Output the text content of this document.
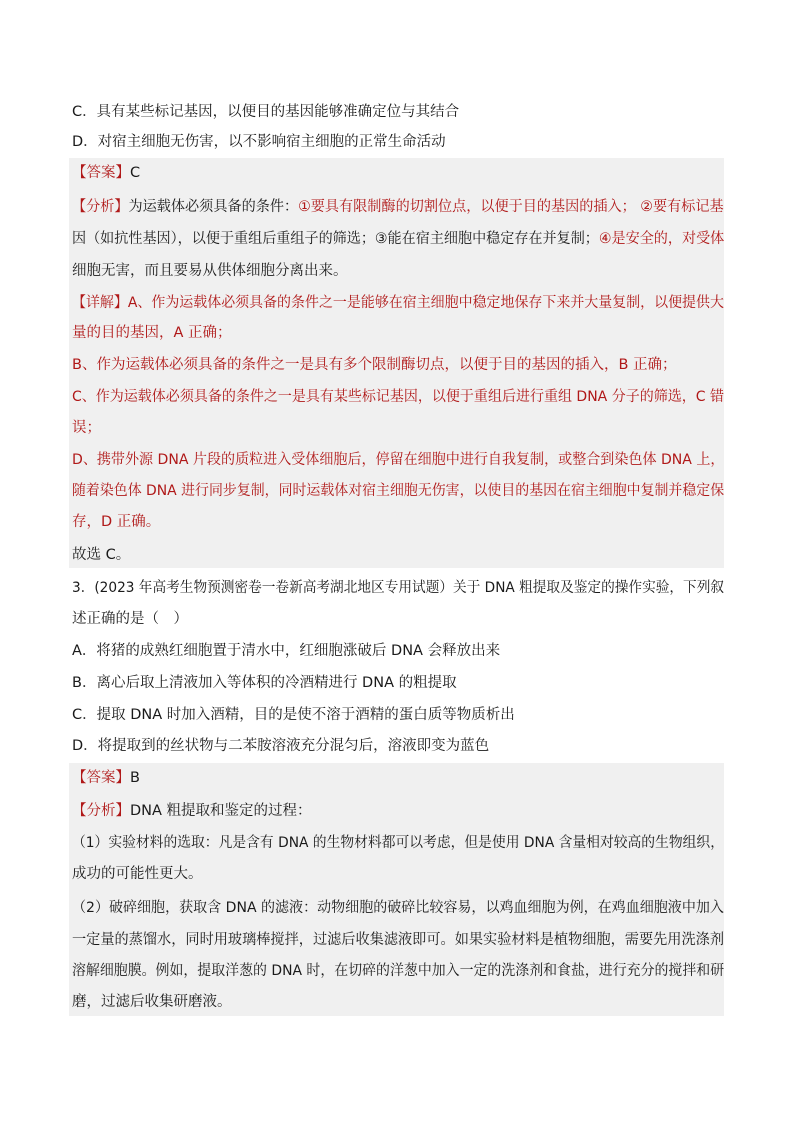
C．具有某些标记基因，以便目的基因能够准确定位与其结合
D．对宿主细胞无伤害，以不影响宿主细胞的正常生命活动
【答案】C
【分析】为运载体必须具备的条件：①要具有限制酶的切割位点，以便于目的基因的插入； ②要有标记基
因（如抗性基因），以便于重组后重组子的筛选；③能在宿主细胞中稳定存在并复制；④是安全的，对受体
细胞无害，而且要易从供体细胞分离出来。
【详解】A、作为运载体必须具备的条件之一是能够在宿主细胞中稳定地保存下来并大量复制，以便提供大
量的目的基因，A 正确；
B、作为运载体必须具备的条件之一是具有多个限制酶切点，以便于目的基因的插入，B 正确；
C、作为运载体必须具备的条件之一是具有某些标记基因，以便于重组后进行重组 DNA 分子的筛选，C 错
误；
D、携带外源 DNA 片段的质粒进入受体细胞后，停留在细胞中进行自我复制，或整合到染色体 DNA 上，
随着染色体 DNA 进行同步复制，同时运载体对宿主细胞无伤害，以使目的基因在宿主细胞中复制并稳定保
存，D 正确。
故选 C。
3．(2023 年高考生物预测密卷一卷新高考湖北地区专用试题）关于 DNA 粗提取及鉴定的操作实验，下列叙
述正确的是（　）
A．将猪的成熟红细胞置于清水中，红细胞涨破后 DNA 会释放出来
B．离心后取上清液加入等体积的冷酒精进行 DNA 的粗提取
C．提取 DNA 时加入酒精，目的是使不溶于酒精的蛋白质等物质析出
D．将提取到的丝状物与二苯胺溶液充分混匀后，溶液即变为蓝色
【答案】B
【分析】DNA 粗提取和鉴定的过程：
（1）实验材料的选取：凡是含有 DNA 的生物材料都可以考虑，但是使用 DNA 含量相对较高的生物组织，
成功的可能性更大。
（2）破碎细胞，获取含 DNA 的滤液：动物细胞的破碎比较容易，以鸡血细胞为例，在鸡血细胞液中加入
一定量的蒸馏水，同时用玻璃棒搅拌，过滤后收集滤液即可。如果实验材料是植物细胞，需要先用洗涤剂
溶解细胞膜。例如，提取洋葱的 DNA 时，在切碎的洋葱中加入一定的洗涤剂和食盐，进行充分的搅拌和研
磨，过滤后收集研磨液。
